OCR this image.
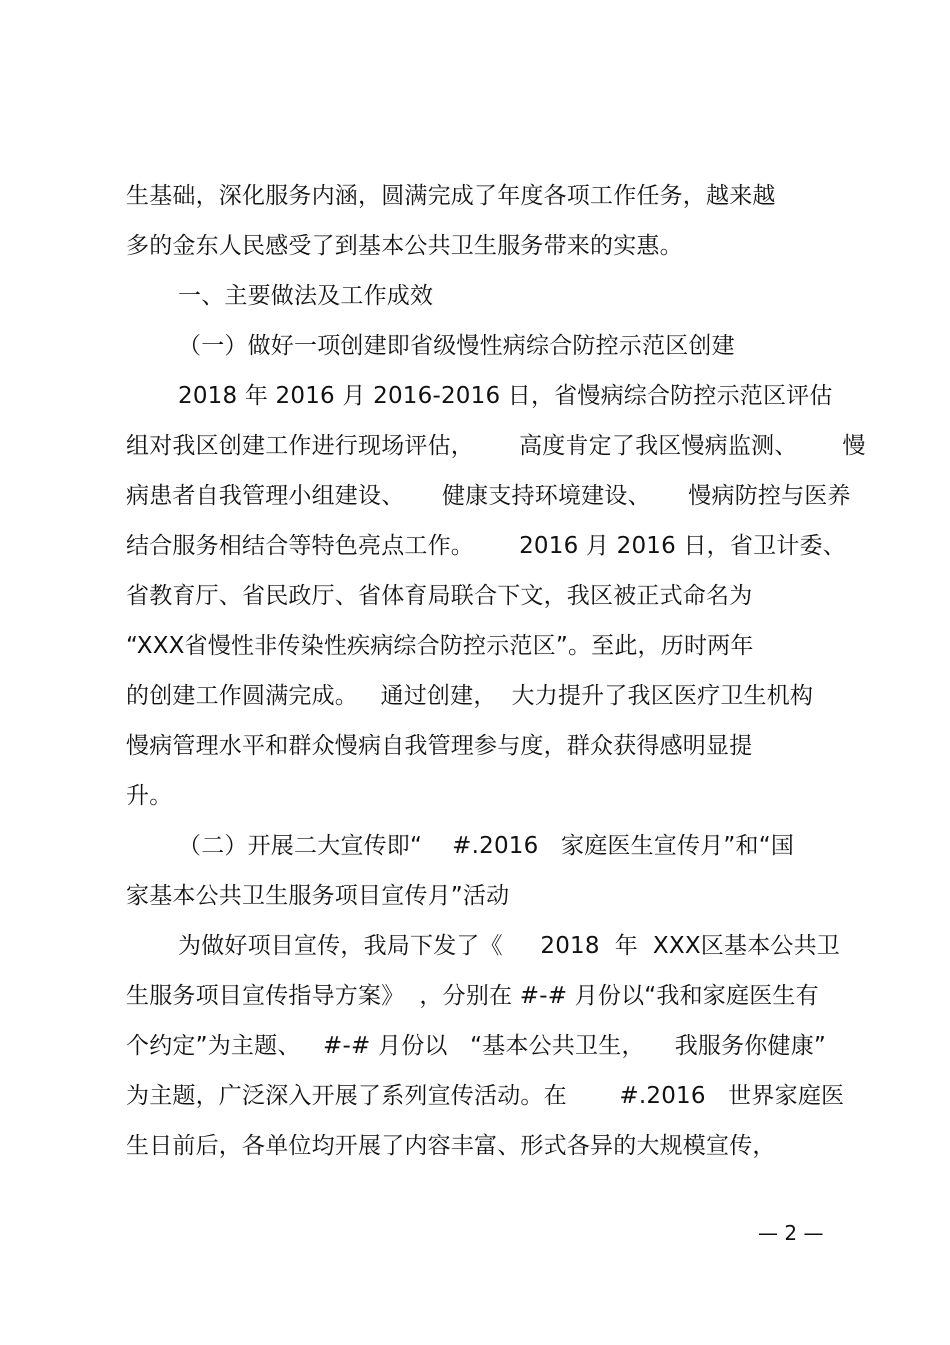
生基础，深化服务内涵，圆满完成了年度各项工作任务，越来越
多的金东人民感受了到基本公共卫生服务带来的实惠。
一、主要做法及工作成效
（一）做好一项创建即省级慢性病综合防控示范区创建
2018 年 2016 月 2016-2016 日，省慢病综合防控示范区评估
组对我区创建工作进行现场评估，      高度肯定了我区慢病监测、      慢
病患者自我管理小组建设、     健康支持环境建设、     慢病防控与医养
结合服务相结合等特色亮点工作。      2016 月 2016 日，省卫计委、
省教育厅、省民政厅、省体育局联合下文，我区被正式命名为
“XXX省慢性非传染性疾病综合防控示范区”。至此，历时两年
的创建工作圆满完成。   通过创建，  大力提升了我区医疗卫生机构
慢病管理水平和群众慢病自我管理参与度，群众获得感明显提
升。
（二）开展二大宣传即“    #.2016   家庭医生宣传月”和“国
家基本公共卫生服务项目宣传月”活动
为做好项目宣传，我局下发了《     2018  年  XXX区基本公共卫
生服务项目宣传指导方案》  ，分别在 #-# 月份以“我和家庭医生有
个约定”为主题、   #-# 月份以   “基本公共卫生，    我服务你健康”
为主题，广泛深入开展了系列宣传活动。在       #.2016   世界家庭医
生日前后，各单位均开展了内容丰富、形式各异的大规模宣传，
— 2 —
